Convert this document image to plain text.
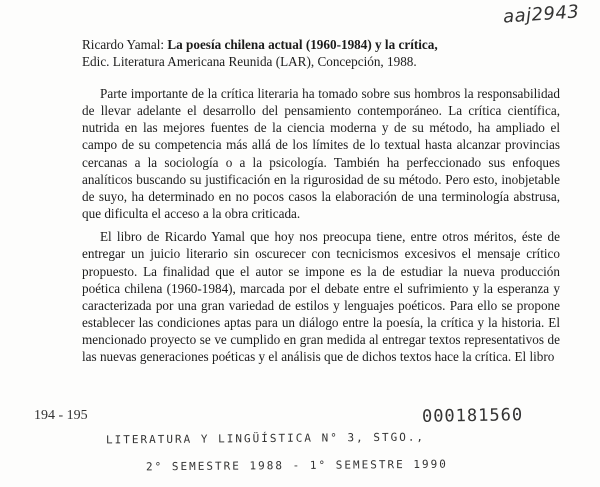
aaj2943
Ricardo Yamal: La poesía chilena actual (1960-1984) y la crítica,
Edic. Literatura Americana Reunida (LAR), Concepción, 1988.

Parte importante de la crítica literaria ha tomado sobre sus hombros la responsabilidad de llevar adelante el desarrollo del pensamiento contemporáneo. La crítica científica, nutrida en las mejores fuentes de la ciencia moderna y de su método, ha ampliado el campo de su competencia más allá de los límites de lo textual hasta alcanzar provincias cercanas a la sociología o a la psicología. También ha perfeccionado sus enfoques analíticos buscando su justificación en la rigurosidad de su método. Pero esto, inobjetable de suyo, ha determinado en no pocos casos la elaboración de una terminología abstrusa, que dificulta el acceso a la obra criticada.

El libro de Ricardo Yamal que hoy nos preocupa tiene, entre otros méritos, éste de entregar un juicio literario sin oscurecer con tecnicismos excesivos el mensaje crítico propuesto. La finalidad que el autor se impone es la de estudiar la nueva producción poética chilena (1960-1984), marcada por el debate entre el sufrimiento y la esperanza y caracterizada por una gran variedad de estilos y lenguajes poéticos. Para ello se propone establecer las condiciones aptas para un diálogo entre la poesía, la crítica y la historia. El mencionado proyecto se ve cumplido en gran medida al entregar textos representativos de las nuevas generaciones poéticas y el análisis que de dichos textos hace la crítica. El libro

194 - 195	000181560
LITERATURA Y LINGÜÍSTICA N° 3, STGO.,
2° SEMESTRE 1988 - 1° SEMESTRE 1990
